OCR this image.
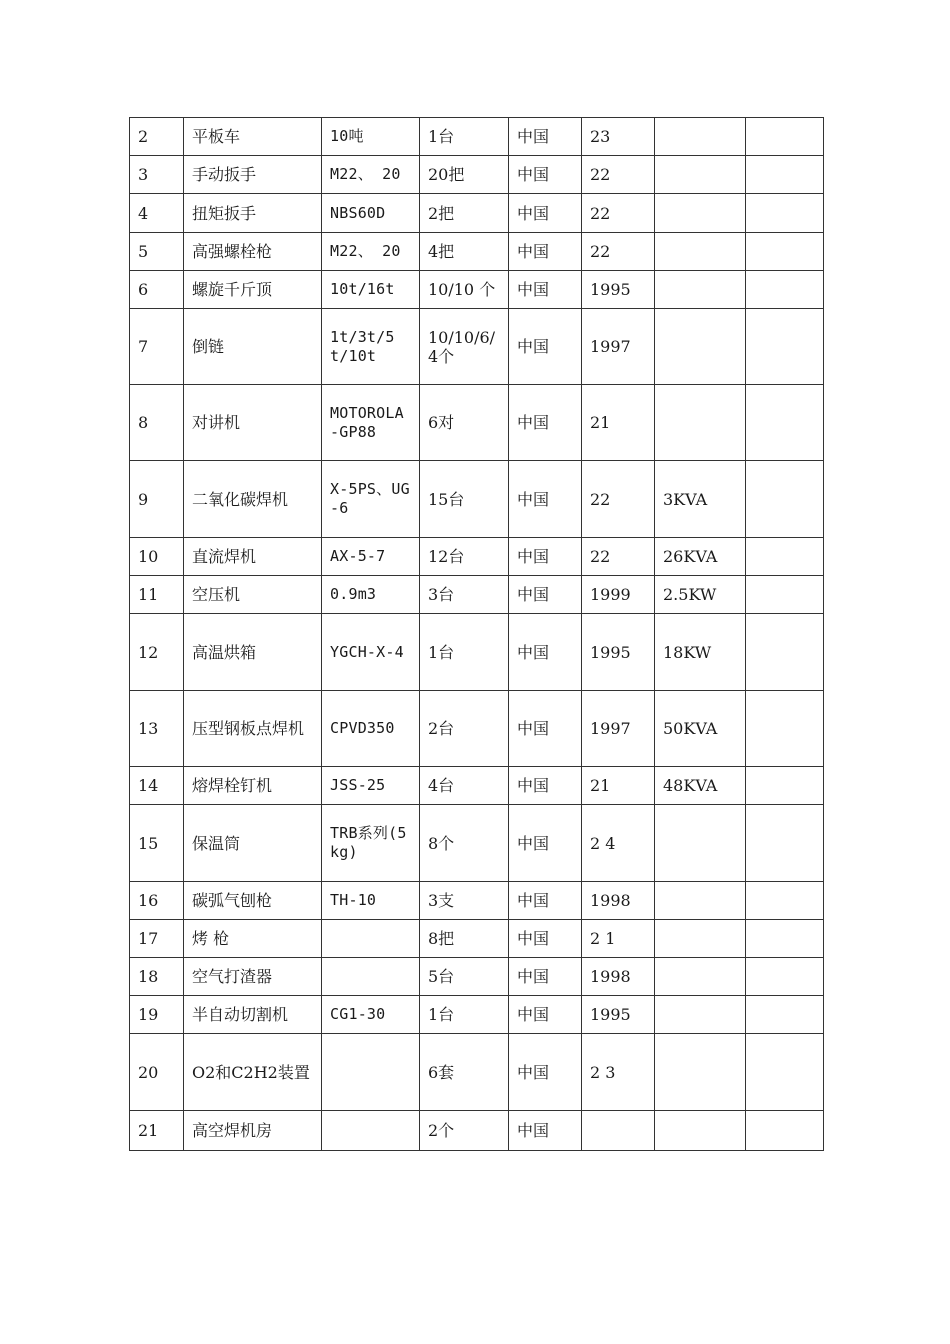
2	平板车	10吨	1台	中国	23		
3	手动扳手	M22、 20	20把	中国	22		
4	扭矩扳手	NBS60D	2把	中国	22		
5	高强螺栓枪	M22、 20	4把	中国	22		
6	螺旋千斤顶	10t/16t	10/10 个	中国	1995		
7	倒链	1t/3t/5t/10t	10/10/6/4个	中国	1997		
8	对讲机	MOTOROLA-GP88	6对	中国	21		
9	二氧化碳焊机	X-5PS、UG-6	15台	中国	22	3KVA	
10	直流焊机	AX-5-7	12台	中国	22	26KVA	
11	空压机	0.9m3	3台	中国	1999	2.5KW	
12	高温烘箱	YGCH-X-4	1台	中国	1995	18KW	
13	压型钢板点焊机	CPVD350	2台	中国	1997	50KVA	
14	熔焊栓钉机	JSS-25	4台	中国	21	48KVA	
15	保温筒	TRB系列(5kg)	8个	中国	2 4		
16	碳弧气刨枪	TH-10	3支	中国	1998		
17	烤 枪		8把	中国	2 1		
18	空气打渣器		5台	中国	1998		
19	半自动切割机	CG1-30	1台	中国	1995		
20	O2和C2H2装置		6套	中国	2 3		
21	高空焊机房		2个	中国			
